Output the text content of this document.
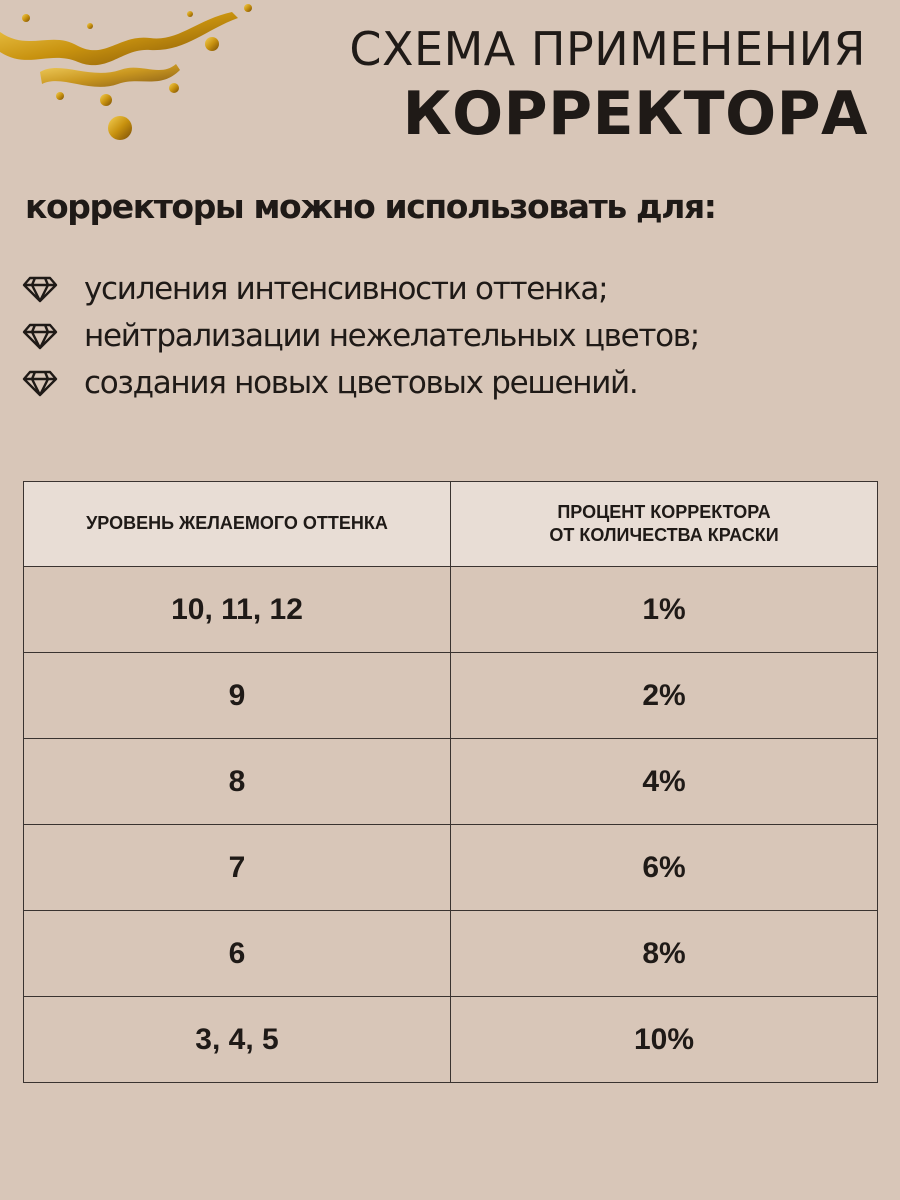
СХЕМА ПРИМЕНЕНИЯ
КОРРЕКТОРА

корректоры можно использовать для:

усиления интенсивности оттенка;
нейтрализации нежелательных цветов;
создания новых цветовых решений.
УРОВЕНЬ ЖЕЛАЕМОГО ОТТЕНКА	ПРОЦЕНТ КОРРЕКТОРА
ОТ КОЛИЧЕСТВА КРАСКИ
10, 11, 12	1%
9	2%
8	4%
7	6%
6	8%
3, 4, 5	10%
